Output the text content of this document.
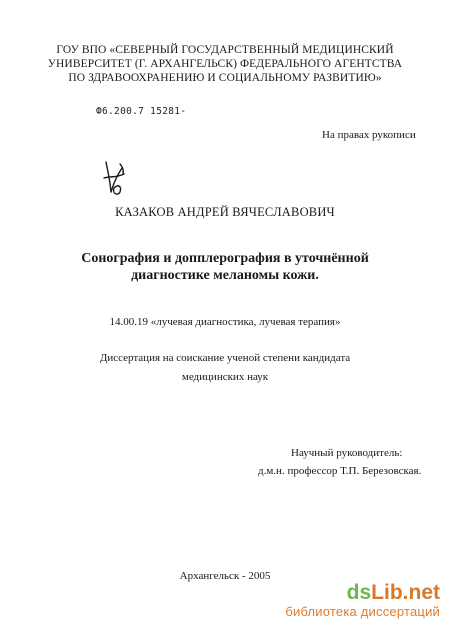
ГОУ ВПО «СЕВЕРНЫЙ ГОСУДАРСТВЕННЫЙ МЕДИЦИНСКИЙ
УНИВЕРСИТЕТ (Г. АРХАНГЕЛЬСК) ФЕДЕРАЛЬНОГО АГЕНТСТВА
ПО ЗДРАВООХРАНЕНИЮ И СОЦИАЛЬНОМУ РАЗВИТИЮ»
Ф6.200.7 15281-
На правах рукописи
КАЗАКОВ АНДРЕЙ ВЯЧЕСЛАВОВИЧ
Сонография и допплерография в уточнённой
диагностике меланомы кожи.
14.00.19 «лучевая диагностика, лучевая терапия»
Диссертация на соискание ученой степени кандидата
медицинских наук
Научный руководитель:
д.м.н. профессор Т.П. Березовская.
Архангельск - 2005
dsLib.net
библиотека диссертаций
